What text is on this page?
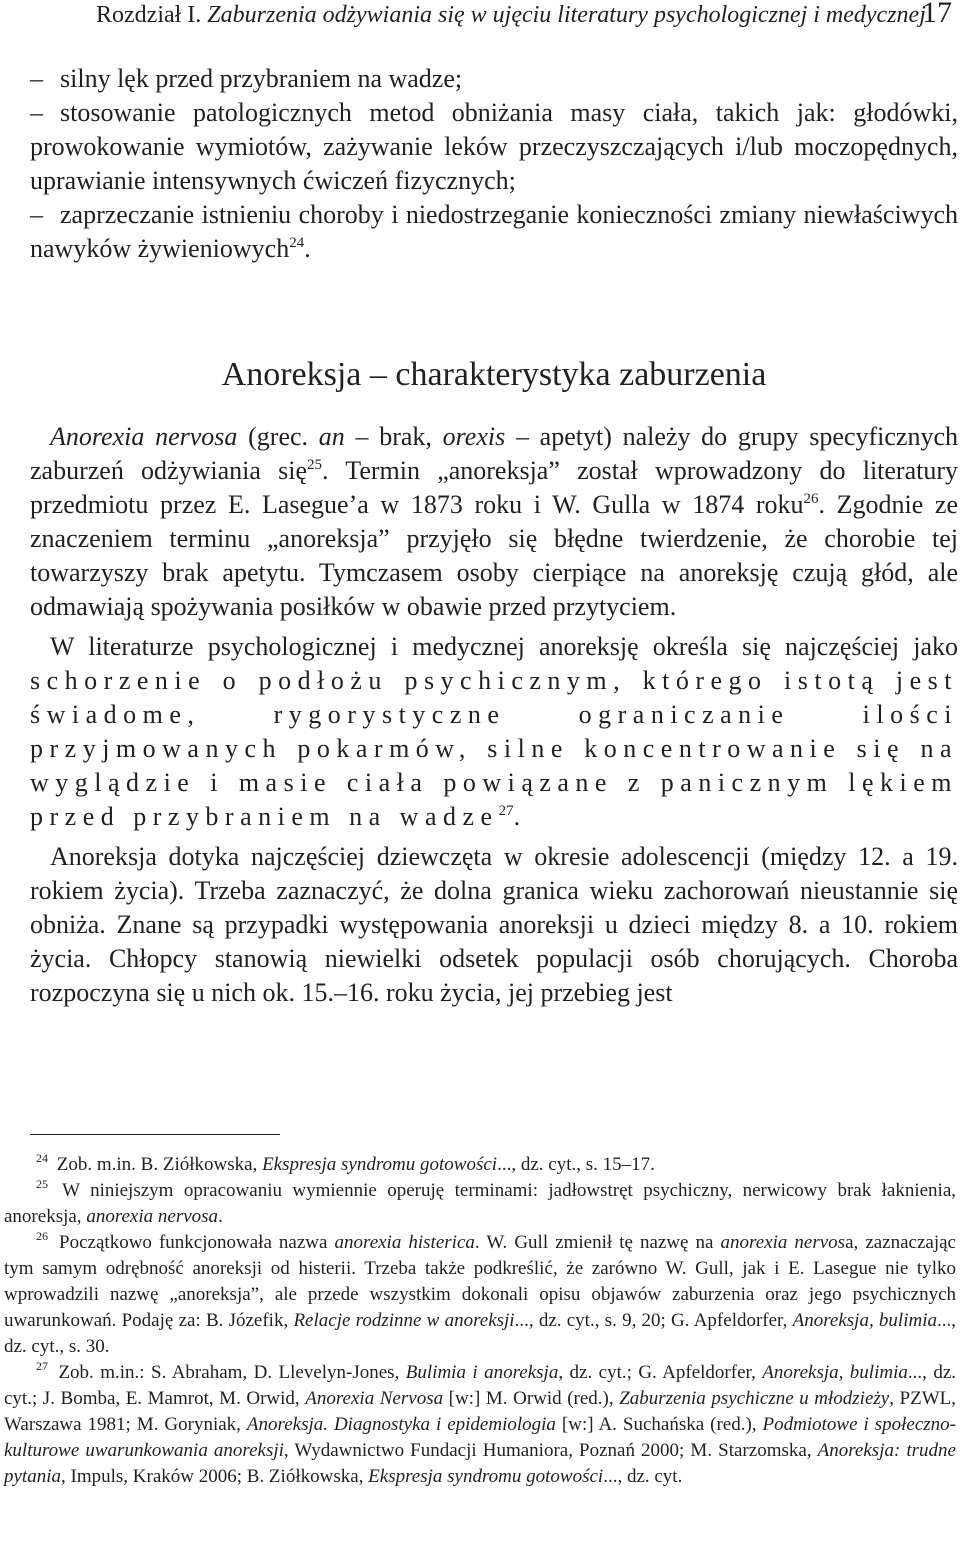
Rozdział I. Zaburzenia odżywiania się w ujęciu literatury psychologicznej i medycznej
17
– silny lęk przed przybraniem na wadze;
– stosowanie patologicznych metod obniżania masy ciała, takich jak: głodówki, prowokowanie wymiotów, zażywanie leków przeczyszczających i/lub moczopędnych, uprawianie intensywnych ćwiczeń fizycznych;
– zaprzeczanie istnieniu choroby i niedostrzeganie konieczności zmiany niewłaściwych nawyków żywieniowych$^{24}$.
Anoreksja – charakterystyka zaburzenia
Anorexia nervosa (grec. an – brak, orexis – apetyt) należy do grupy specyficznych zaburzeń odżywiania się$^{25}$. Termin „anoreksja” został wprowadzony do literatury przedmiotu przez E. Lasegue’a w 1873 roku i W. Gulla w 1874 roku$^{26}$. Zgodnie ze znaczeniem terminu „anoreksja” przyjęło się błędne twierdzenie, że chorobie tej towarzyszy brak apetytu. Tymczasem osoby cierpiące na anoreksję czują głód, ale odmawiają spożywania posiłków w obawie przed przytyciem.
W literaturze psychologicznej i medycznej anoreksję określa się najczęściej jako schorzenie o podłożu psychicznym, którego istotą jest świadome, rygorystyczne ograniczanie ilości przyjmowanych pokarmów, silne koncentrowanie się na wyglądzie i masie ciała powiązane z panicznym lękiem przed przybraniem na wadze$^{27}$.
Anoreksja dotyka najczęściej dziewczęta w okresie adolescencji (między 12. a 19. rokiem życia). Trzeba zaznaczyć, że dolna granica wieku zachorowań nieustannie się obniża. Znane są przypadki występowania anoreksji u dzieci między 8. a 10. rokiem życia. Chłopcy stanowią niewielki odsetek populacji osób chorujących. Choroba rozpoczyna się u nich ok. 15.–16. roku życia, jej przebieg jest

$^{24}$ Zob. m.in. B. Ziółkowska, Ekspresja syndromu gotowości..., dz. cyt., s. 15–17.

$^{25}$ W niniejszym opracowaniu wymiennie operuję terminami: jadłowstręt psychiczny, nerwicowy brak łaknienia, anoreksja, anorexia nervosa.

$^{26}$ Początkowo funkcjonowała nazwa anorexia histerica. W. Gull zmienił tę nazwę na anorexia nervosa, zaznaczając tym samym odrębność anoreksji od histerii. Trzeba także podkreślić, że zarówno W. Gull, jak i E. Lasegue nie tylko wprowadzili nazwę „anoreksja”, ale przede wszystkim dokonali opisu objawów zaburzenia oraz jego psychicznych uwarunkowań. Podaję za: B. Józefik, Relacje rodzinne w anoreksji..., dz. cyt., s. 9, 20; G. Apfeldorfer, Anoreksja, bulimia..., dz. cyt., s. 30.

$^{27}$ Zob. m.in.: S. Abraham, D. Llevelyn-Jones, Bulimia i anoreksja, dz. cyt.; G. Apfeldorfer, Anoreksja, bulimia..., dz. cyt.; J. Bomba, E. Mamrot, M. Orwid, Anorexia Nervosa [w:] M. Orwid (red.), Zaburzenia psychiczne u młodzieży, PZWL, Warszawa 1981; M. Goryniak, Anoreksja. Diagnostyka i epidemiologia [w:] A. Suchańska (red.), Podmiotowe i społeczno-kulturowe uwarunkowania anoreksji, Wydawnictwo Fundacji Humaniora, Poznań 2000; M. Starzomska, Anoreksja: trudne pytania, Impuls, Kraków 2006; B. Ziółkowska, Ekspresja syndromu gotowości..., dz. cyt.
